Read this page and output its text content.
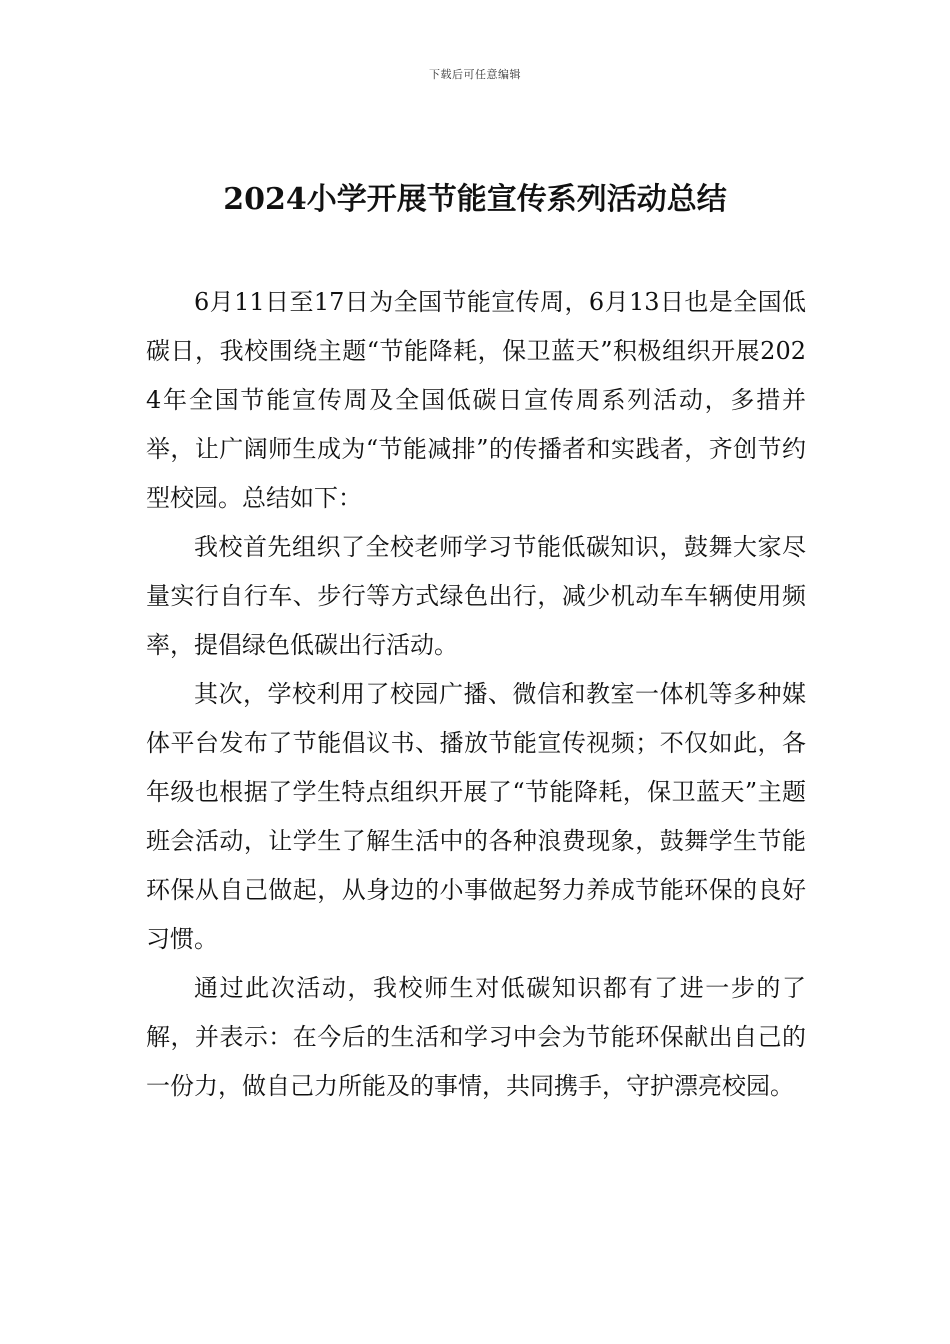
下载后可任意编辑
2024小学开展节能宣传系列活动总结

6月11日至17日为全国节能宣传周，6月13日也是全国低碳日，我校围绕主题“节能降耗，保卫蓝天”积极组织开展2024年全国节能宣传周及全国低碳日宣传周系列活动，多措并举，让广阔师生成为“节能减排”的传播者和实践者，齐创节约型校园。总结如下：

我校首先组织了全校老师学习节能低碳知识，鼓舞大家尽量实行自行车、步行等方式绿色出行，减少机动车车辆使用频率，提倡绿色低碳出行活动。

其次，学校利用了校园广播、微信和教室一体机等多种媒体平台发布了节能倡议书、播放节能宣传视频；不仅如此，各年级也根据了学生特点组织开展了“节能降耗，保卫蓝天”主题班会活动，让学生了解生活中的各种浪费现象，鼓舞学生节能环保从自己做起，从身边的小事做起努力养成节能环保的良好习惯。

通过此次活动，我校师生对低碳知识都有了进一步的了解，并表示：在今后的生活和学习中会为节能环保献出自己的一份力，做自己力所能及的事情，共同携手，守护漂亮校园。
